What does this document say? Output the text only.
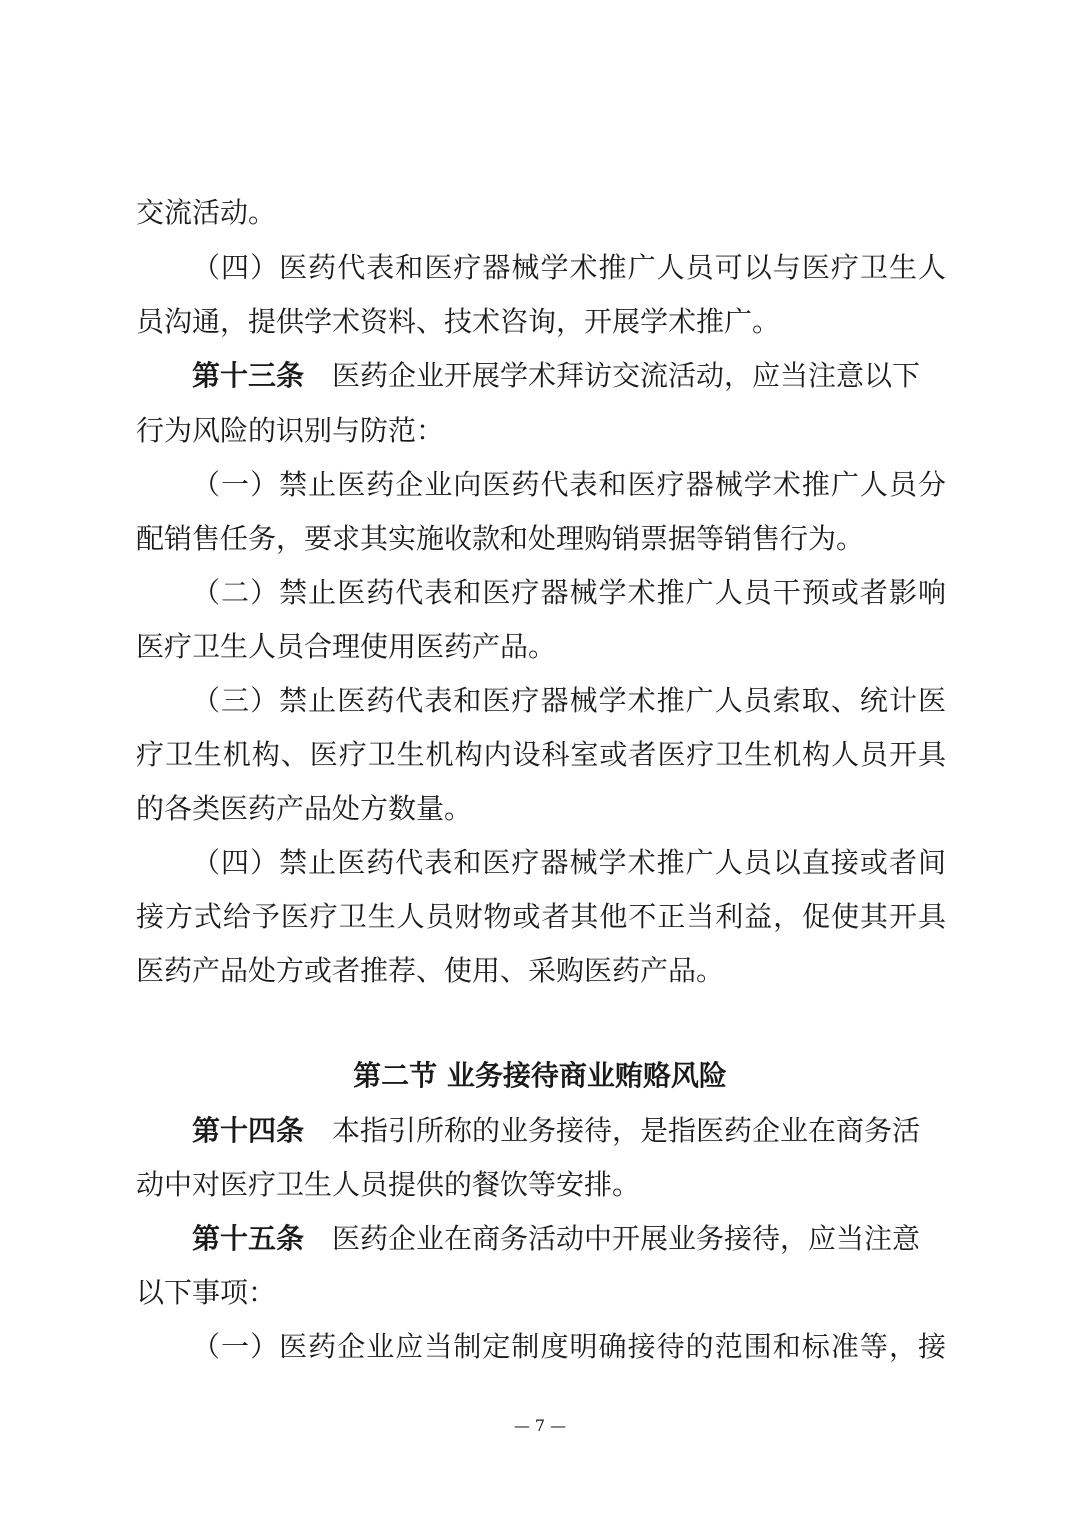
交流活动。
（四）医药代表和医疗器械学术推广人员可以与医疗卫生人
员沟通，提供学术资料、技术咨询，开展学术推广。
第十三条 医药企业开展学术拜访交流活动，应当注意以下
行为风险的识别与防范：
（一）禁止医药企业向医药代表和医疗器械学术推广人员分
配销售任务，要求其实施收款和处理购销票据等销售行为。
（二）禁止医药代表和医疗器械学术推广人员干预或者影响
医疗卫生人员合理使用医药产品。
（三）禁止医药代表和医疗器械学术推广人员索取、统计医
疗卫生机构、医疗卫生机构内设科室或者医疗卫生机构人员开具
的各类医药产品处方数量。
（四）禁止医药代表和医疗器械学术推广人员以直接或者间
接方式给予医疗卫生人员财物或者其他不正当利益，促使其开具
医药产品处方或者推荐、使用、采购医药产品。
第二节 业务接待商业贿赂风险
第十四条 本指引所称的业务接待，是指医药企业在商务活
动中对医疗卫生人员提供的餐饮等安排。
第十五条 医药企业在商务活动中开展业务接待，应当注意
以下事项：
（一）医药企业应当制定制度明确接待的范围和标准等，接
— 7 —
